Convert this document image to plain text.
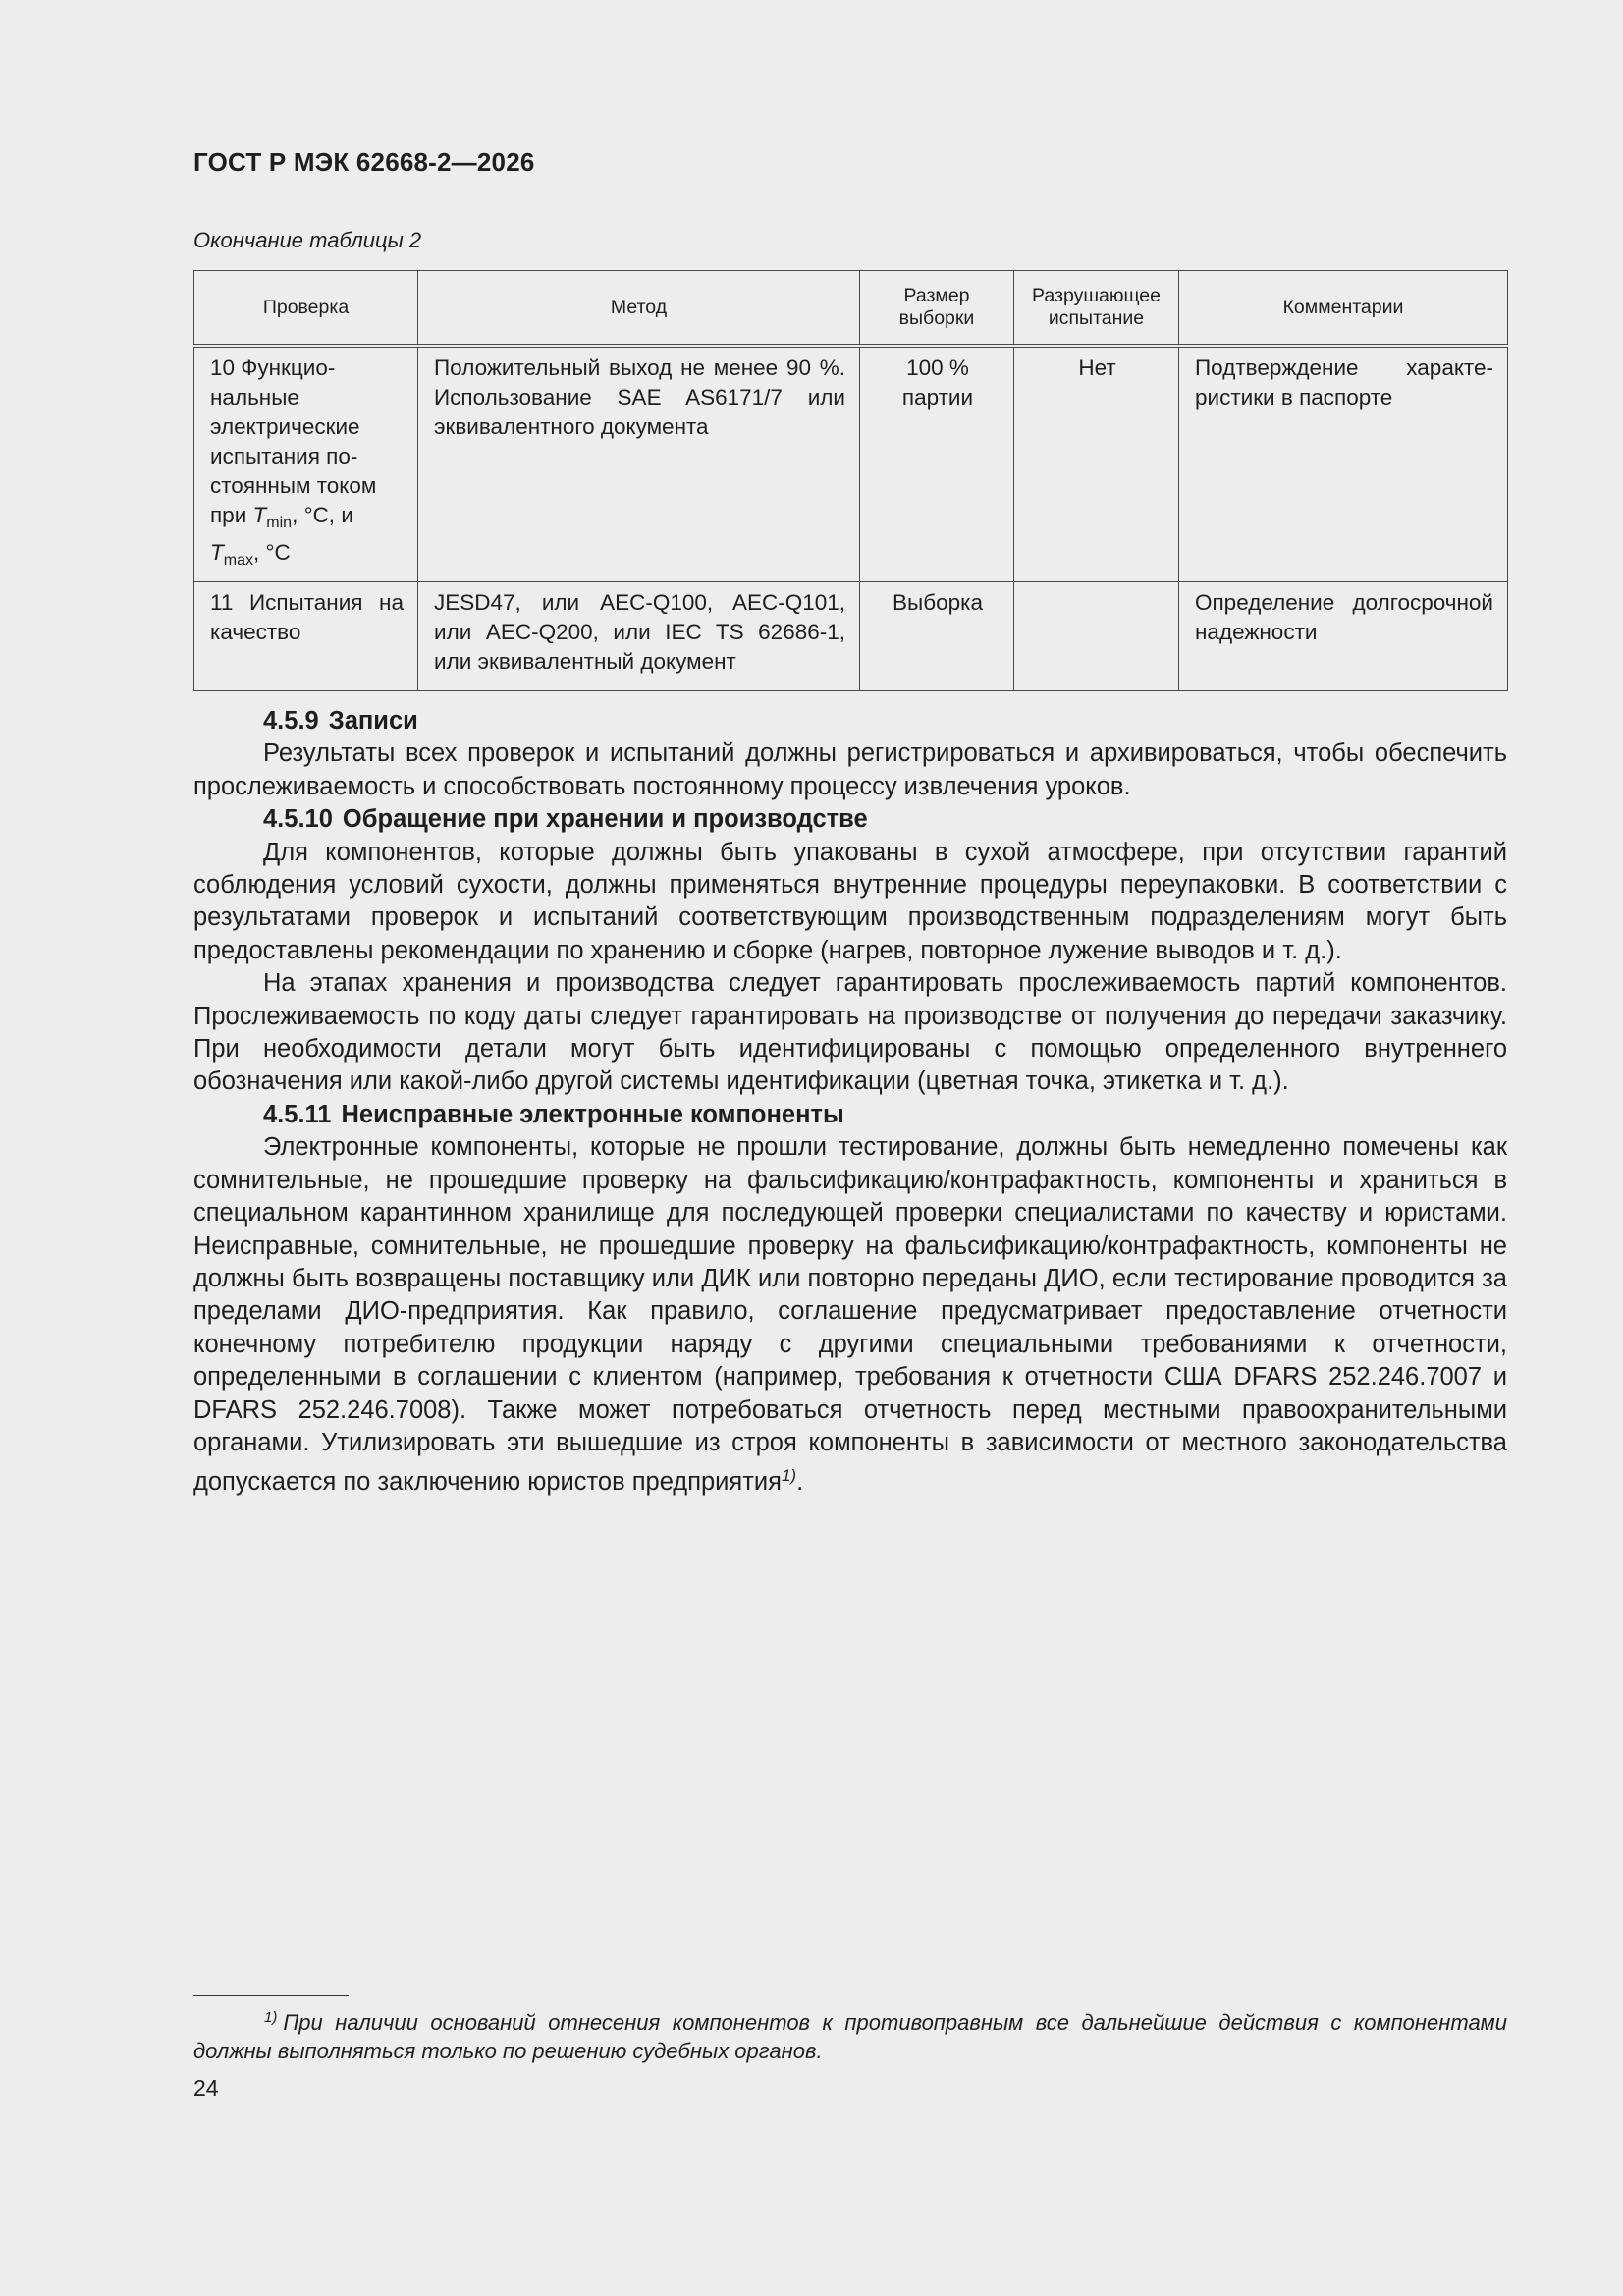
ГОСТ Р МЭК 62668-2—2026
Окончание таблицы 2
Проверка	Метод	Размер выборки	Разрушающее испытание	Комментарии
10 Функциональные электрические испытания постоянным током при $T_{min}$, °C, и $T_{max}$, °C	Положительный выход не менее 90 %. Использование SAE AS6171/7 или эквивалентного документа	100 % партии	Нет	Подтверждение характеристики в паспорте
11 Испытания на качество	JESD47, или AEC-Q100, AEC-Q101, или AEC-Q200, или IEC TS 62686-1, или эквивалентный документ	Выборка		Определение долгосрочной надежности
4.5.9 Записи

Результаты всех проверок и испытаний должны регистрироваться и архивироваться, чтобы обеспечить прослеживаемость и способствовать постоянному процессу извлечения уроков.

4.5.10 Обращение при хранении и производстве

Для компонентов, которые должны быть упакованы в сухой атмосфере, при отсутствии гарантий соблюдения условий сухости, должны применяться внутренние процедуры переупаковки. В соответствии с результатами проверок и испытаний соответствующим производственным подразделениям могут быть предоставлены рекомендации по хранению и сборке (нагрев, повторное лужение выводов и т. д.).

На этапах хранения и производства следует гарантировать прослеживаемость партий компонентов. Прослеживаемость по коду даты следует гарантировать на производстве от получения до передачи заказчику. При необходимости детали могут быть идентифицированы с помощью определенного внутреннего обозначения или какой-либо другой системы идентификации (цветная точка, этикетка и т. д.).

4.5.11 Неисправные электронные компоненты

Электронные компоненты, которые не прошли тестирование, должны быть немедленно помечены как сомнительные, не прошедшие проверку на фальсификацию/контрафактность, компоненты и храниться в специальном карантинном хранилище для последующей проверки специалистами по качеству и юристами. Неисправные, сомнительные, не прошедшие проверку на фальсификацию/контрафактность, компоненты не должны быть возвращены поставщику или ДИК или повторно переданы ДИО, если тестирование проводится за пределами ДИО-предприятия. Как правило, соглашение предусматривает предоставление отчетности конечному потребителю продукции наряду с другими специальными требованиями к отчетности, определенными в соглашении с клиентом (например, требования к отчетности США DFARS 252.246.7007 и DFARS 252.246.7008). Также может потребоваться отчетность перед местными правоохранительными органами. Утилизировать эти вышедшие из строя компоненты в зависимости от местного законодательства допускается по заключению юристов предприятия$^{1)}$.

$^{1)}$ При наличии оснований отнесения компонентов к противоправным все дальнейшие действия с компонентами должны выполняться только по решению судебных органов.
24
